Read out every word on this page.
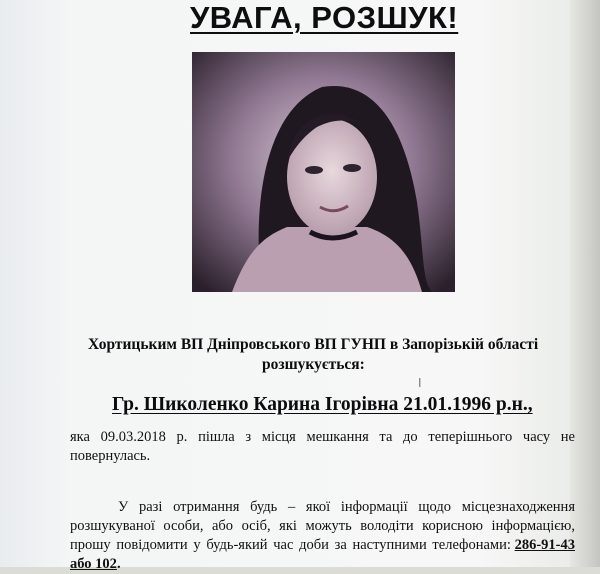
УВАГА, РОЗШУК!
Хортицьким ВП Дніпровського ВП ГУНП в Запорізькій області
розшукується:
I
Гр. Шиколенко Карина Ігорівна 21.01.1996 р.н.,
яка 09.03.2018 р. пішла з місця мешкання та до теперішнього часу не повернулась.
У разі отримання будь – якої інформації щодо місцезнаходження розшукуваної особи, або осіб, які можуть володіти корисною інформацією, прошу повідомити у будь-який час доби за наступними телефонами: 286-91-43 або 102.
